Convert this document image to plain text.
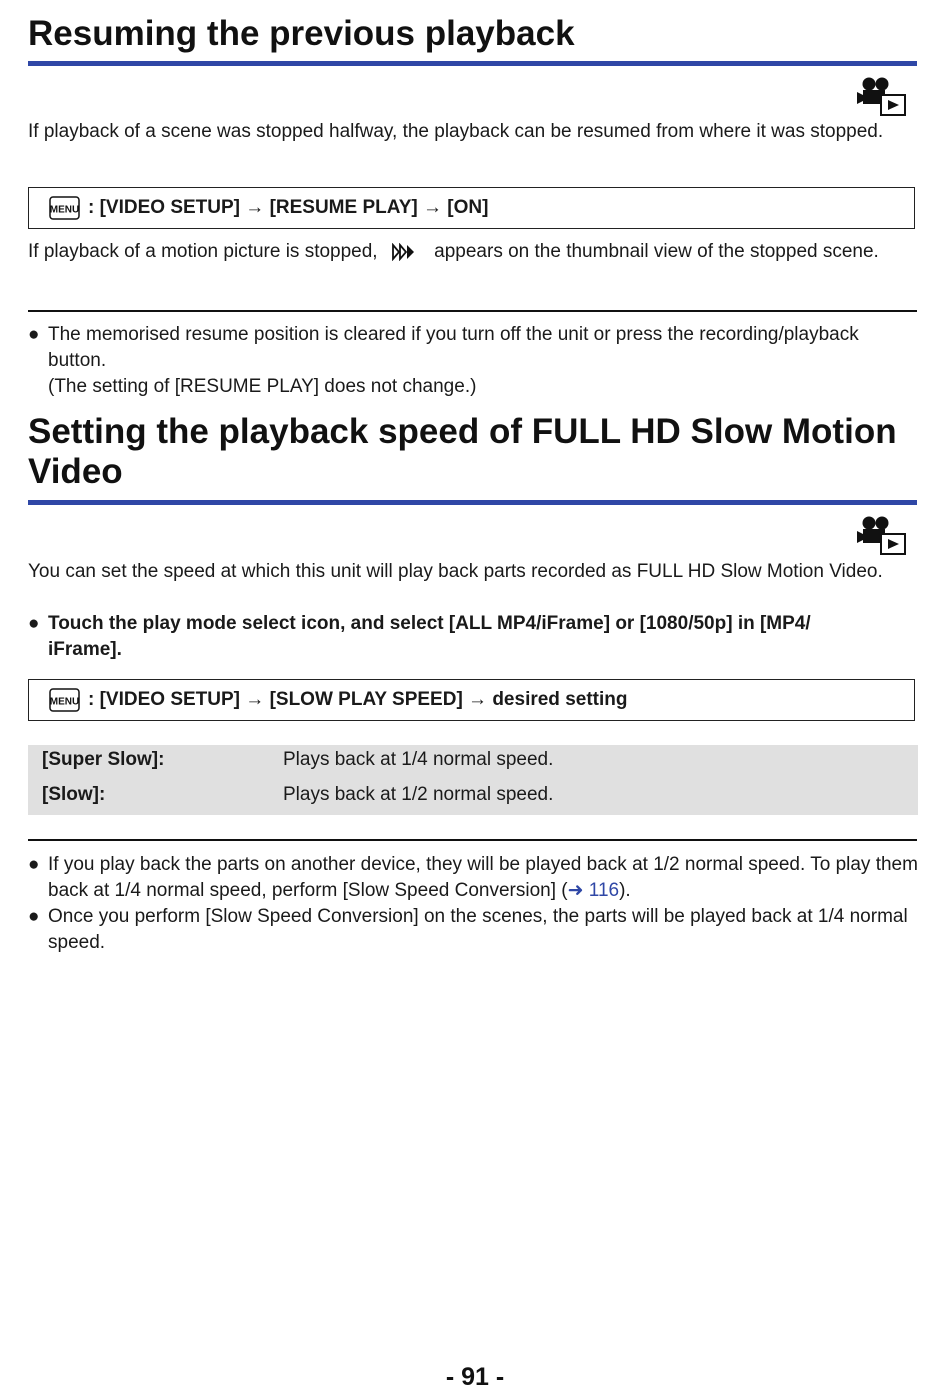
Resuming the previous playback

If playback of a scene was stopped halfway, the playback can be resumed from where it was stopped.

MENU : [VIDEO SETUP] → [RESUME PLAY] → [ON]

If playback of a motion picture is stopped,	appears on the thumbnail view of the stopped scene.

● The memorised resume position is cleared if you turn off the unit or press the recording/playback button.
(The setting of [RESUME PLAY] does not change.)
Setting the playback speed of FULL HD Slow Motion Video

You can set the speed at which this unit will play back parts recorded as FULL HD Slow Motion Video.

● Touch the play mode select icon, and select [ALL MP4/iFrame] or [1080/50p] in [MP4/ iFrame].
MENU : [VIDEO SETUP] → [SLOW PLAY SPEED] → desired setting
[Super Slow]:	Plays back at 1/4 normal speed.
[Slow]:	Plays back at 1/2 normal speed.
● If you play back the parts on another device, they will be played back at 1/2 normal speed. To play them back at 1/4 normal speed, perform [Slow Speed Conversion] (➜ 116).
● Once you perform [Slow Speed Conversion] on the scenes, the parts will be played back at 1/4 normal speed.
- 91 -
